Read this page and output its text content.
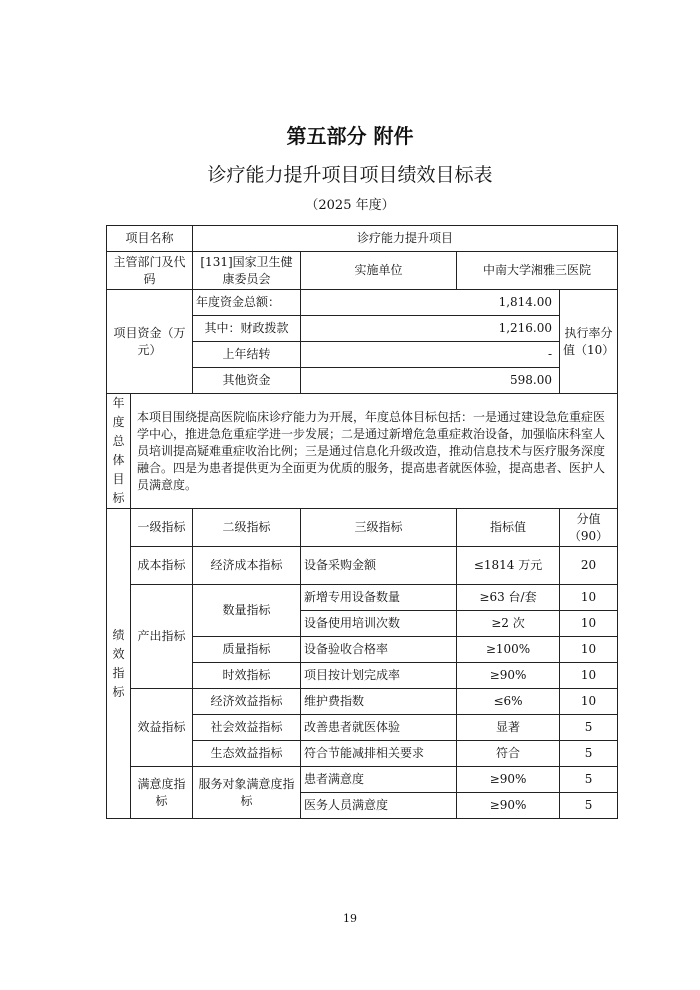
第五部分 附件
诊疗能力提升项目项目绩效目标表
（2025 年度）
项目名称		诊疗能力提升项目			
主管部门及代码		[131]国家卫生健康委员会	实施单位	中南大学湘雅三医院	
项目资金（万元）		年度资金总额：	1,814.00		执行率分值（10）
		其中：财政拨款	1,216.00		
		上年结转	-		
		其他资金	598.00		
年度总体目标	本项目围绕提高医院临床诊疗能力为开展，年度总体目标包括：一是通过建设急危重症医学中心，推进急危重症学进一步发展；二是通过新增危急重症救治设备，加强临床科室人员培训提高疑难重症收治比例；三是通过信息化升级改造，推动信息技术与医疗服务深度融合。四是为患者提供更为全面更为优质的服务，提高患者就医体验，提高患者、医护人员满意度。				
绩效指标	一级指标	二级指标	三级指标	指标值	分值（90）
	成本指标	经济成本指标	设备采购金额	≤1814 万元	20
	产出指标	数量指标	新增专用设备数量	≥63 台/套	10
			设备使用培训次数	≥2 次	10
		质量指标	设备验收合格率	≥100%	10
		时效指标	项目按计划完成率	≥90%	10
	效益指标	经济效益指标	维护费指数	≤6%	10
		社会效益指标	改善患者就医体验	显著	5
		生态效益指标	符合节能减排相关要求	符合	5
	满意度指标	服务对象满意度指标	患者满意度	≥90%	5
			医务人员满意度	≥90%	5
19
